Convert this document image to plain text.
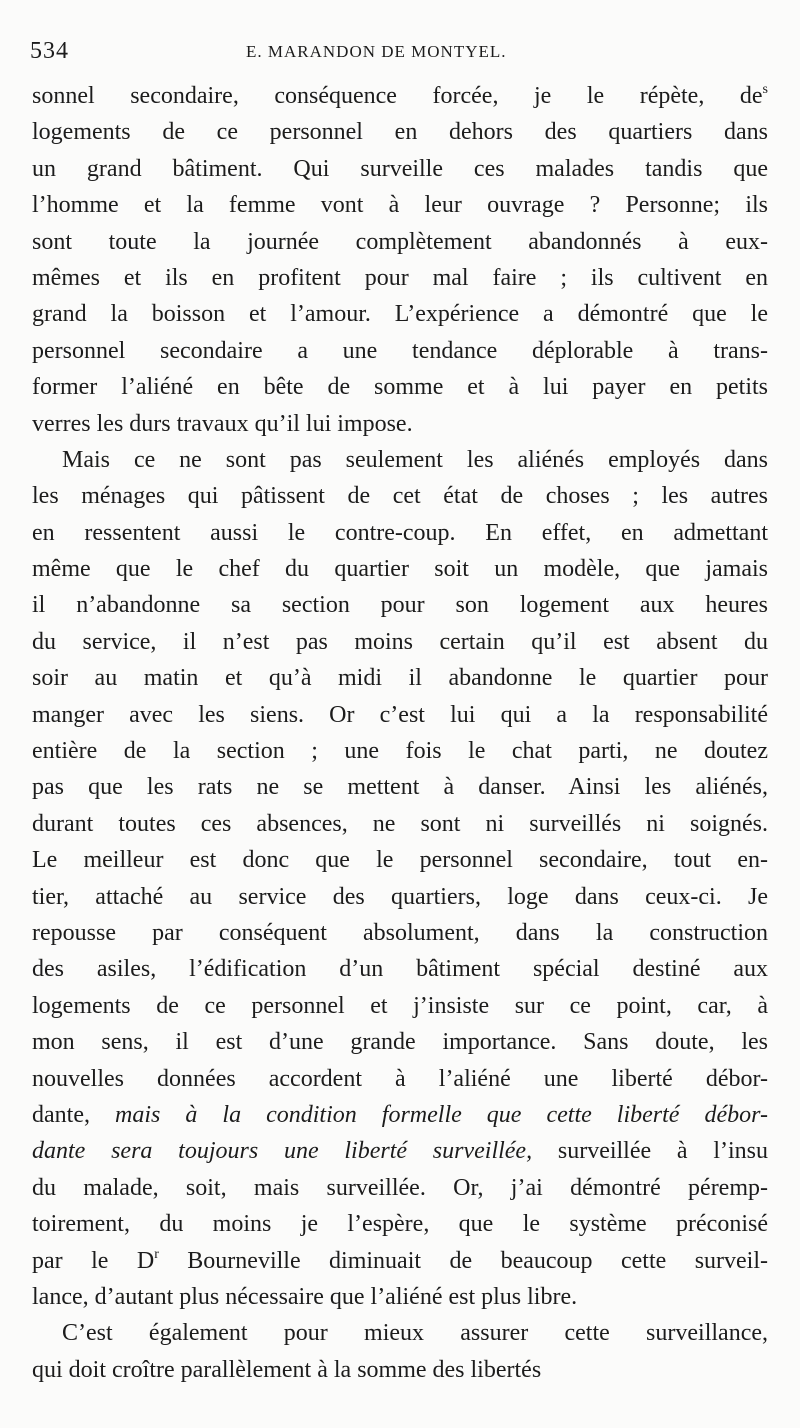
534	E. MARANDON DE MONTYEL.
sonnel secondaire, conséquence forcée, je le répète, $de^s$
logements de ce personnel en dehors des quartiers dans
un grand bâtiment. Qui surveille ces malades tandis que
l’homme et la femme vont à leur ouvrage ? Personne; ils
sont toute la journée complètement abandonnés à eux-
mêmes et ils en profitent pour mal faire ; ils cultivent en
grand la boisson et l’amour. L’expérience a démontré que le
personnel secondaire a une tendance déplorable à trans-
former l’aliéné en bête de somme et à lui payer en petits
verres les durs travaux qu’il lui impose.
Mais ce ne sont pas seulement les aliénés employés dans
les ménages qui pâtissent de cet état de choses ; les autres
en ressentent aussi le contre-coup. En effet, en admettant
même que le chef du quartier soit un modèle, que jamais
il n’abandonne sa section pour son logement aux heures
du service, il n’est pas moins certain qu’il est absent du
soir au matin et qu’à midi il abandonne le quartier pour
manger avec les siens. Or c’est lui qui a la responsabilité
entière de la section ; une fois le chat parti, ne doutez
pas que les rats ne se mettent à danser. Ainsi les aliénés,
durant toutes ces absences, ne sont ni surveillés ni soignés.
Le meilleur est donc que le personnel secondaire, tout en-
tier, attaché au service des quartiers, loge dans ceux-ci. Je
repousse par conséquent absolument, dans la construction
des asiles, l’édification d’un bâtiment spécial destiné aux
logements de ce personnel et j’insiste sur ce point, car, à
mon sens, il est d’une grande importance. Sans doute, les
nouvelles données accordent à l’aliéné une liberté débor-
dante, mais à la condition formelle que cette liberté débor-
dante sera toujours une liberté surveillée, surveillée à l’insu
du malade, soit, mais surveillée. Or, j’ai démontré péremp-
toirement, du moins je l’espère, que le système préconisé
par le $D^r$ Bourneville diminuait de beaucoup cette surveil-
lance, d’autant plus nécessaire que l’aliéné est plus libre.
C’est également pour mieux assurer cette surveillance,
qui doit croître parallèlement à la somme des libertés
